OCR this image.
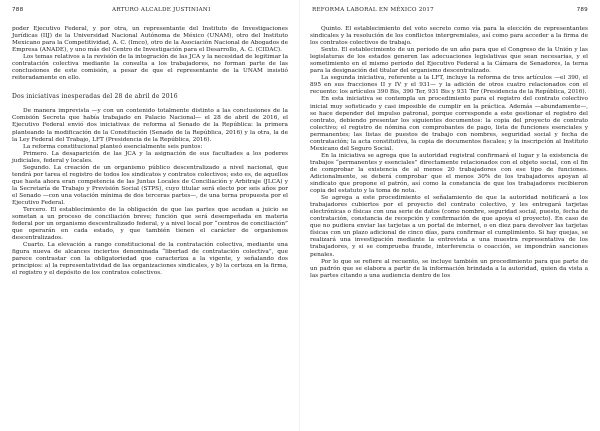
788	ARTURO ALCALDE JUSTINIANI

poder Ejecutivo Federal, y por otra, un representante del Instituto de Investigaciones Jurídicas (IIJ) de la Universidad Nacional Autónoma de México (UNAM), otro del Instituto Mexicano para la Competitividad, A. C. (Imco), otro de la Asociación Nacional de Abogados de Empresa (ANADE), y uno más del Centro de Investigación para el Desarrollo, A. C. (CIDAC).

Los temas relativos a la revisión de la integración de las JCA y la necesidad de legitimar la contratación colectiva mediante la consulta a los trabajadores, no forman parte de las conclusiones de este comisión, a pesar de que el representante de la UNAM insistió reiteradamente en ello.

Dos iniciativas inesperadas del 28 de abril de 2016

De manera imprevista —y con un contenido totalmente distinto a las conclusiones de la Comisión Secreta que había trabajado en Palacio Nacional— el 28 de abril de 2016, el Ejecutivo Federal envió dos iniciativas de reforma al Senado de la República: la primera planteando la modificación de la Constitución (Senado de la República, 2016) y la otra, la de la Ley Federal del Trabajo, LFT (Presidencia de la República, 2016).

La reforma constitucional planteó esencialmente seis puntos:

Primero. La desaparición de las JCA y la asignación de sus facultades a los poderes judiciales, federal y locales.

Segundo. La creación de un organismo público descentralizado a nivel nacional, que tendrá por tarea el registro de todos los sindicatos y contratos colectivos; esto es, de aquellos que hasta ahora eran competencia de las Juntas Locales de Conciliación y Arbitraje (JLCA) y la Secretaría de Trabajo y Previsión Social (STPS), cuyo titular será electo por seis años por el Senado —con una votación mínima de dos terceras partes—, de una terna propuesta por el Ejecutivo Federal.

Tercero. El establecimiento de la obligación de que las partes que acudan a juicio se sometan a un proceso de conciliación breve; función que será desempeñada en materia federal por un organismo descentralizado federal, y a nivel local por “centros de conciliación” que operarán en cada estado, y que también tienen el carácter de organismos descentralizados.

Cuarto. La elevación a rango constitucional de la contratación colectiva, mediante una figura nueva de alcances inciertos denominada “libertad de contratación colectiva”, que parece contrastar con la obligatoriedad que caracteriza a la vigente, y señalando dos principios: a) la representatividad de las organizaciones sindicales, y b) la certeza en la firma, el registro y el depósito de los contratos colectivos.

REFORMA LABORAL EN MÉXICO 2017	789

Quinto. El establecimiento del voto secreto como vía para la elección de representantes sindicales y la resolución de los conflictos intergremiales, así como para acceder a la firma de los contratos colectivos de trabajo.

Sexto. El establecimiento de un periodo de un año para que el Congreso de la Unión y las legislaturas de los estados generen las adecuaciones legislativas que sean necesarias, y el sometimiento en el mismo periodo del Ejecutivo Federal a la Cámara de Senadores, la terna para la designación del titular del organismo descentralizado.

La segunda iniciativa, referente a la LFT, incluye la reforma de tres artículos —el 390, el 895 en sus fracciones II y IV y el 931— y la adición de otros cuatro relacionados con el recuento: los artículos 390 Bis, 390 Ter, 931 Bis y 931 Ter (Presidencia de la República, 2016).

En esta iniciativa se contempla un procedimiento para el registro del contrato colectivo inicial muy sofisticado y casi imposible de cumplir en la práctica. Además —abundamente—, se hace depender del impulso patronal, porque corresponde a este gestionar el registro del contrato, debiendo presentar los siguientes documentos: la copia del proyecto de contrato colectivo; el registro de nómina con comprobantes de pago, lista de funciones esenciales y permanentes; las listas de puestos de trabajo con nombres, seguridad social y fecha de contratación; la acta constitutiva, la copia de documentos fiscales; y la inscripción al Instituto Mexicano del Seguro Social.

En la iniciativa se agrega que la autoridad registral confirmará el lugar y la existencia de trabajos “permanentes y esenciales” directamente relacionados con el objeto social, con el fin de comprobar la existencia de al menos 20 trabajadores con ese tipo de funciones. Adicionalmente, se deberá comprobar que el menos 30% de los trabajadores apoyan al sindicato que propone el patrón, así como la constancia de que los trabajadores recibieron copia del estatuto y la toma de nota.

Se agrega a este procedimiento el señalamiento de que la autoridad notificará a los trabajadores cubiertos por el proyecto del contrato colectivo, y les entregará tarjetas electrónicas o físicas con una serie de datos (como nombre, seguridad social, puesto, fecha de contratación, constancia de recepción y confirmación de que apoya el proyecto). En caso de que no pudiera enviar las tarjetas a un portal de internet, o en diez para devolver las tarjetas físicas con un plazo adicional de cinco días, para confirmar el cumplimiento. Si hay quejas, se realizará una investigación mediante la entrevista a una muestra representativa de los trabajadores, y si se comprueba fraude, interferencia o coacción, se impondrán sanciones penales.

Por lo que se refiere al recuento, se incluye también un procedimiento para que parte de un padrón que se elabora a partir de la información brindada a la autoridad, quien da vista a las partes citando a una audiencia dentro de los
